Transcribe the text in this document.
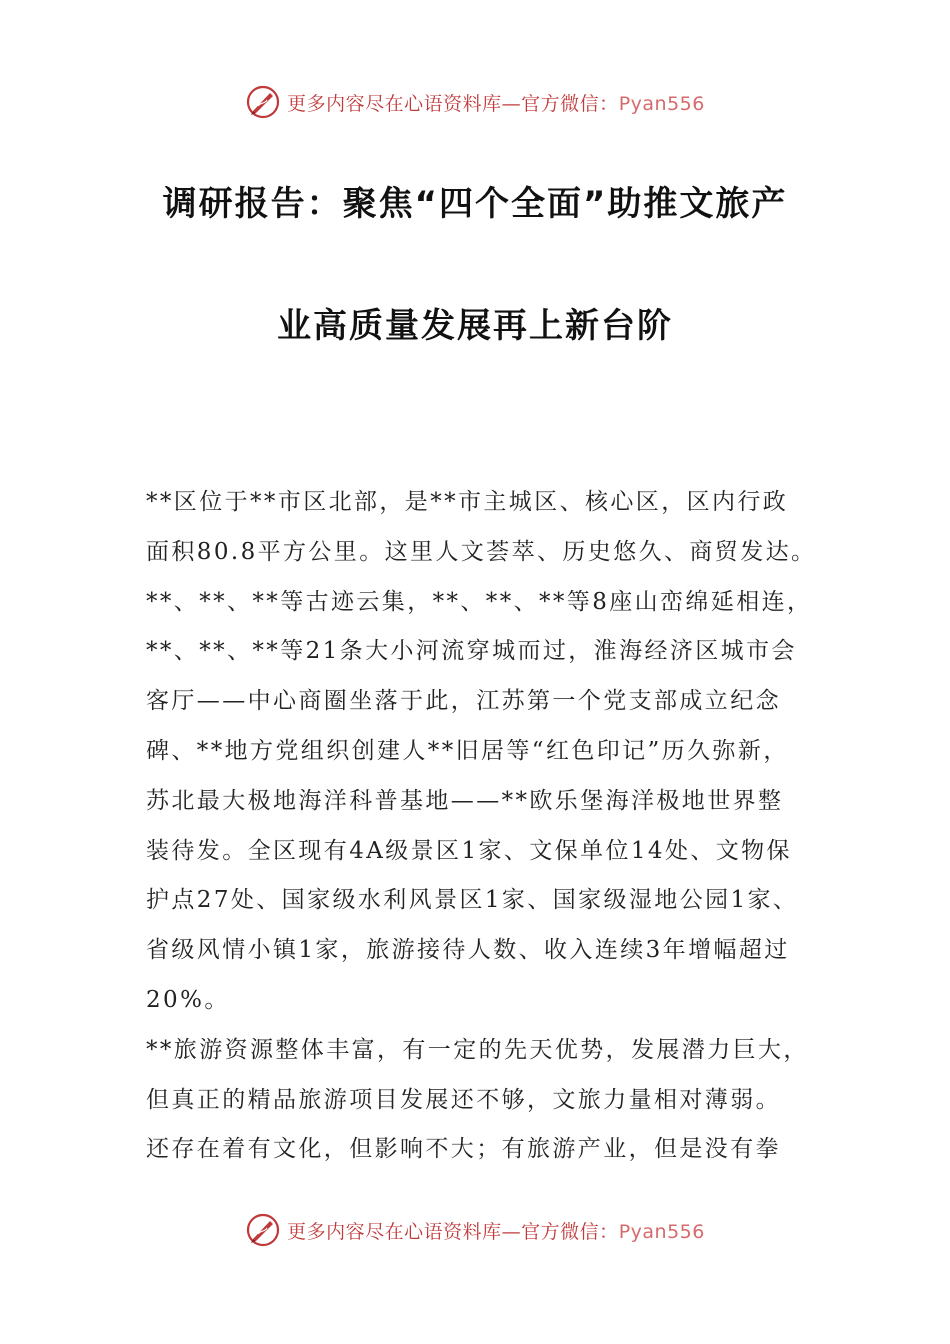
更多内容尽在心语资料库—官方微信：Pyan556
调研报告：聚焦“四个全面”助推文旅产
业高质量发展再上新台阶

**区位于**市区北部，是**市主城区、核心区，区内行政

面积80.8平方公里。这里人文荟萃、历史悠久、商贸发达。

**、**、**等古迹云集，**、**、**等8座山峦绵延相连，

**、**、**等21条大小河流穿城而过，淮海经济区城市会

客厅——中心商圈坐落于此，江苏第一个党支部成立纪念

碑、**地方党组织创建人**旧居等“红色印记”历久弥新，

苏北最大极地海洋科普基地——**欧乐堡海洋极地世界整

装待发。全区现有4A级景区1家、文保单位14处、文物保

护点27处、国家级水利风景区1家、国家级湿地公园1家、

省级风情小镇1家，旅游接待人数、收入连续3年增幅超过

20%。

**旅游资源整体丰富，有一定的先天优势，发展潜力巨大，

但真正的精品旅游项目发展还不够，文旅力量相对薄弱。

还存在着有文化，但影响不大；有旅游产业，但是没有拳

更多内容尽在心语资料库—官方微信：Pyan556
